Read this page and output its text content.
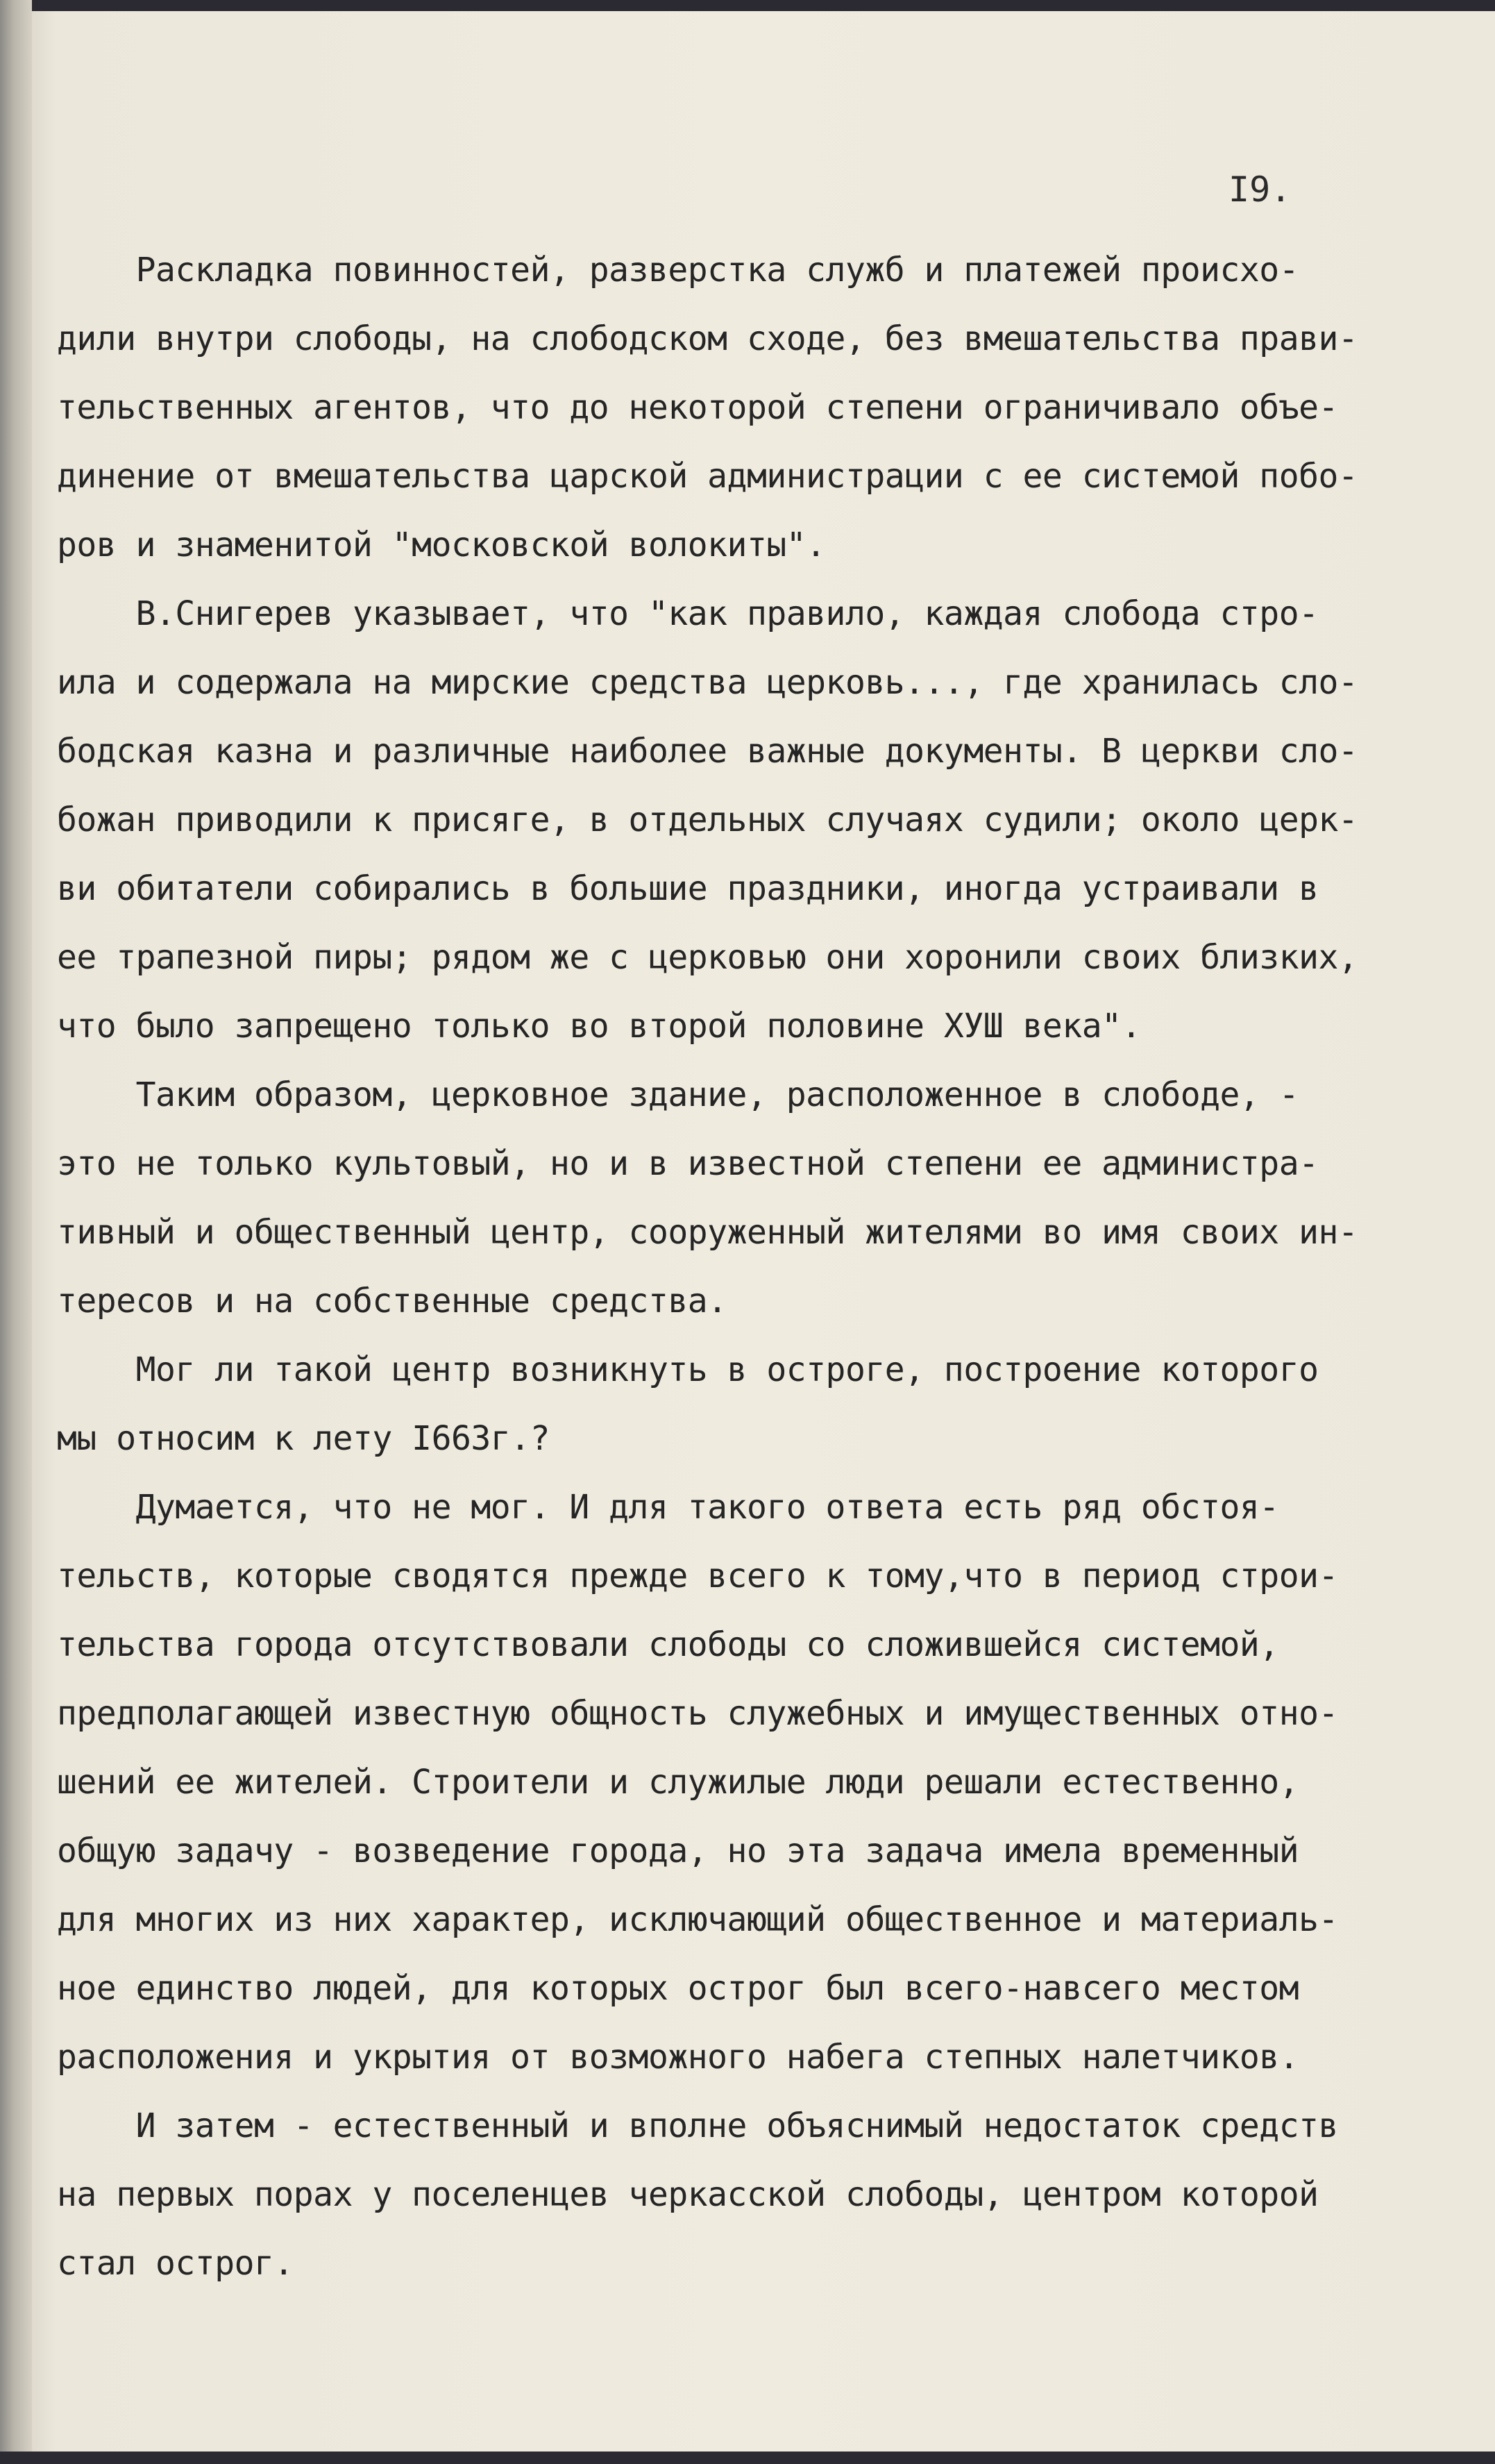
I9.
Раскладка повинностей, разверстка служб и платежей происхо-
дили внутри слободы, на слободском сходе, без вмешательства прави-
тельственных агентов, что до некоторой степени ограничивало объе-
динение от вмешательства царской администрации с ее системой побо-
ров и знаменитой "московской волокиты".
В.Снигерев указывает, что "как правило, каждая слобода стро-
ила и содержала на мирские средства церковь..., где хранилась сло-
бодская казна и различные наиболее важные документы. В церкви сло-
божан приводили к присяге, в отдельных случаях судили; около церк-
ви обитатели собирались в большие праздники, иногда устраивали в
ее трапезной пиры; рядом же с церковью они хоронили своих близких,
что было запрещено только во второй половине ХУШ века".
Таким образом, церковное здание, расположенное в слободе, -
это не только культовый, но и в известной степени ее администра-
тивный и общественный центр, сооруженный жителями во имя своих ин-
тересов и на собственные средства.
Мог ли такой центр возникнуть в остроге, построение которого
мы относим к лету I663г.?
Думается, что не мог. И для такого ответа есть ряд обстоя-
тельств, которые сводятся прежде всего к тому,что в период строи-
тельства города отсутствовали слободы со сложившейся системой,
предполагающей известную общность служебных и имущественных отно-
шений ее жителей. Строители и служилые люди решали естественно,
общую задачу - возведение города, но эта задача имела временный
для многих из них характер, исключающий общественное и материаль-
ное единство людей, для которых острог был всего-навсего местом
расположения и укрытия от возможного набега степных налетчиков.
И затем - естественный и вполне объяснимый недостаток средств
на первых порах у поселенцев черкасской слободы, центром которой
стал острог.
